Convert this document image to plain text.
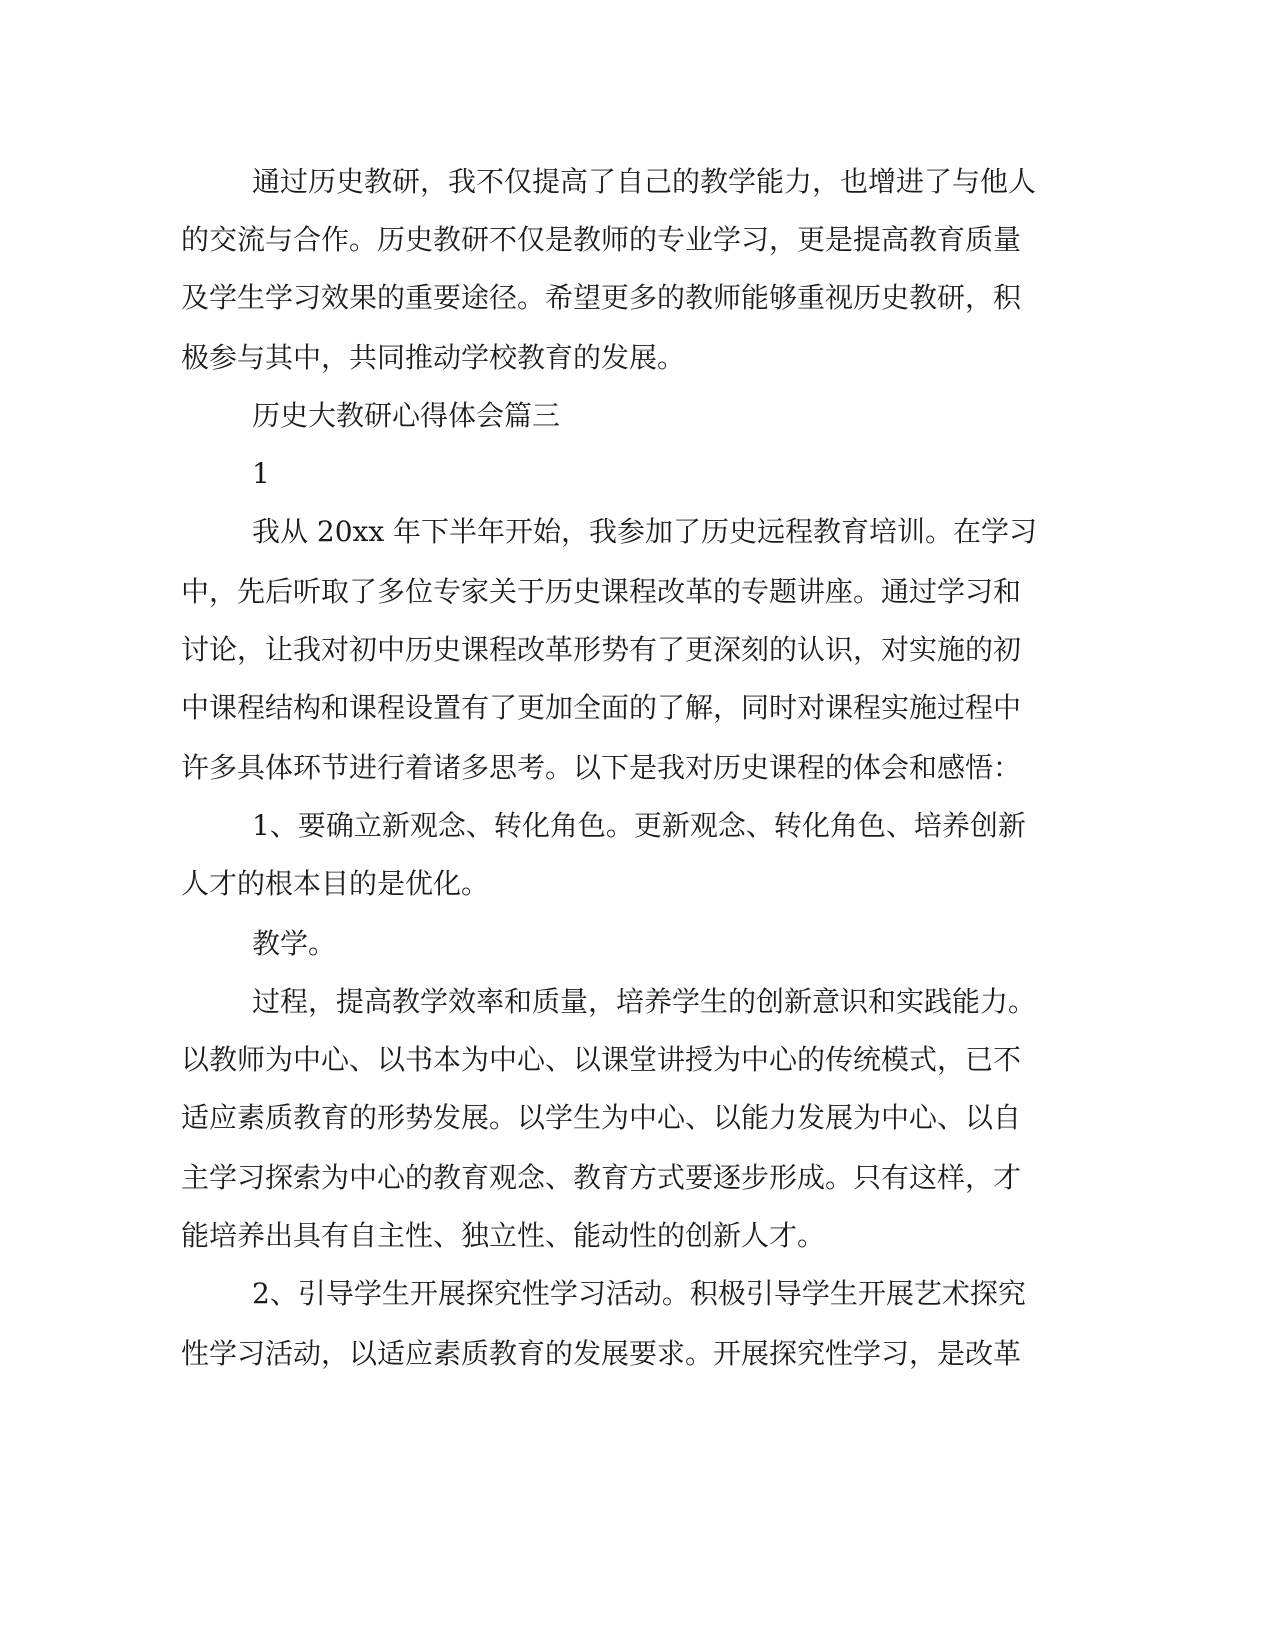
通过历史教研，我不仅提高了自己的教学能力，也增进了与他人
的交流与合作。历史教研不仅是教师的专业学习，更是提高教育质量
及学生学习效果的重要途径。希望更多的教师能够重视历史教研，积
极参与其中，共同推动学校教育的发展。
历史大教研心得体会篇三
1
我从 20xx 年下半年开始，我参加了历史远程教育培训。在学习
中，先后听取了多位专家关于历史课程改革的专题讲座。通过学习和
讨论，让我对初中历史课程改革形势有了更深刻的认识，对实施的初
中课程结构和课程设置有了更加全面的了解，同时对课程实施过程中
许多具体环节进行着诸多思考。以下是我对历史课程的体会和感悟：
1、要确立新观念、转化角色。更新观念、转化角色、培养创新
人才的根本目的是优化。
教学。
过程，提高教学效率和质量，培养学生的创新意识和实践能力。
以教师为中心、以书本为中心、以课堂讲授为中心的传统模式，已不
适应素质教育的形势发展。以学生为中心、以能力发展为中心、以自
主学习探索为中心的教育观念、教育方式要逐步形成。只有这样，才
能培养出具有自主性、独立性、能动性的创新人才。
2、引导学生开展探究性学习活动。积极引导学生开展艺术探究
性学习活动，以适应素质教育的发展要求。开展探究性学习，是改革
